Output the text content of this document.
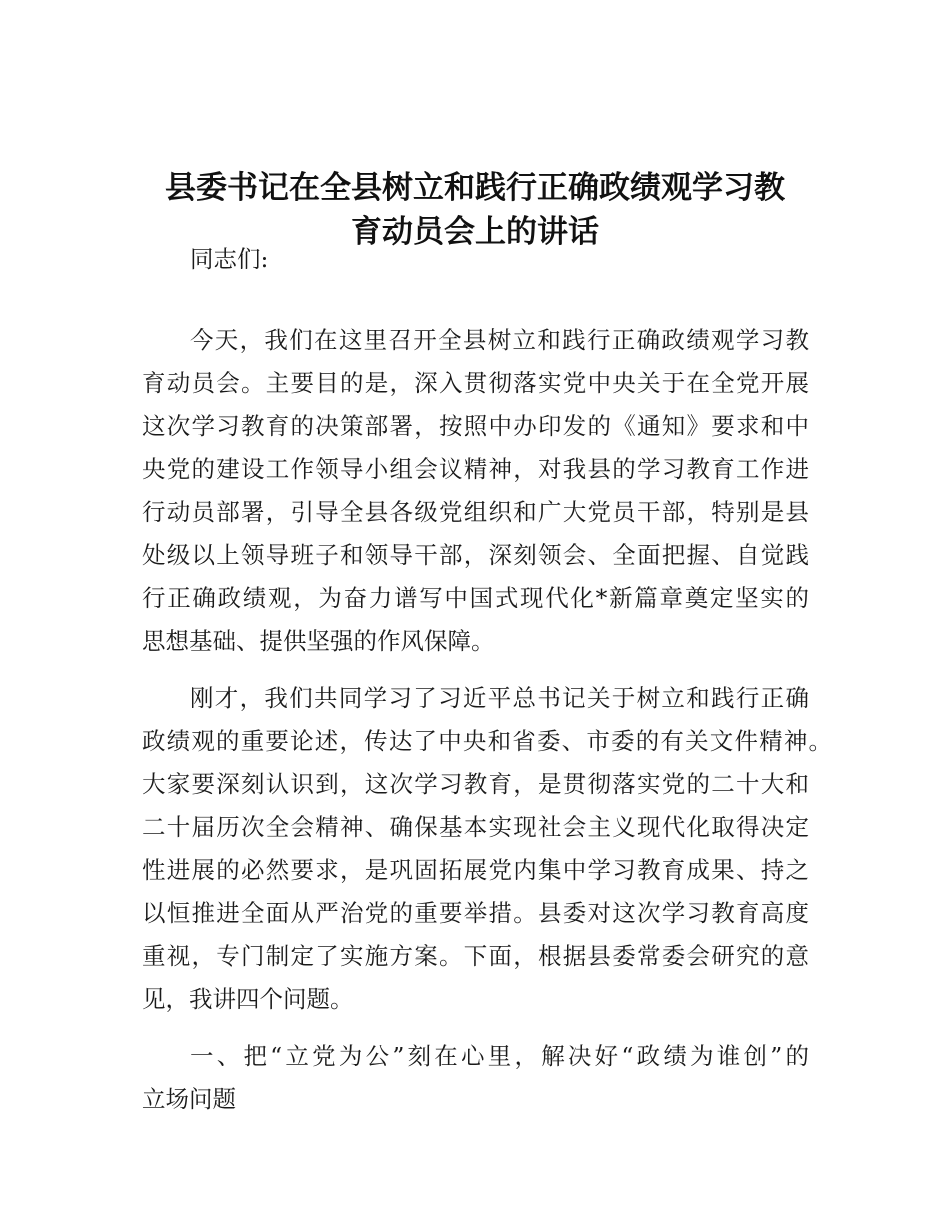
县委书记在全县树立和践行正确政绩观学习教
育动员会上的讲话

同志们:

今天，我们在这里召开全县树立和践行正确政绩观学习教

育动员会。主要目的是，深入贯彻落实党中央关于在全党开展

这次学习教育的决策部署，按照中办印发的《通知》要求和中

央党的建设工作领导小组会议精神，对我县的学习教育工作进

行动员部署，引导全县各级党组织和广大党员干部，特别是县

处级以上领导班子和领导干部，深刻领会、全面把握、自觉践

行正确政绩观，为奋力谱写中国式现代化*新篇章奠定坚实的

思想基础、提供坚强的作风保障。

刚才，我们共同学习了习近平总书记关于树立和践行正确

政绩观的重要论述，传达了中央和省委、市委的有关文件精神。

大家要深刻认识到，这次学习教育，是贯彻落实党的二十大和

二十届历次全会精神、确保基本实现社会主义现代化取得决定

性进展的必然要求，是巩固拓展党内集中学习教育成果、持之

以恒推进全面从严治党的重要举措。县委对这次学习教育高度

重视，专门制定了实施方案。下面，根据县委常委会研究的意

见，我讲四个问题。

一、把“立党为公”刻在心里，解决好“政绩为谁创”的

立场问题
